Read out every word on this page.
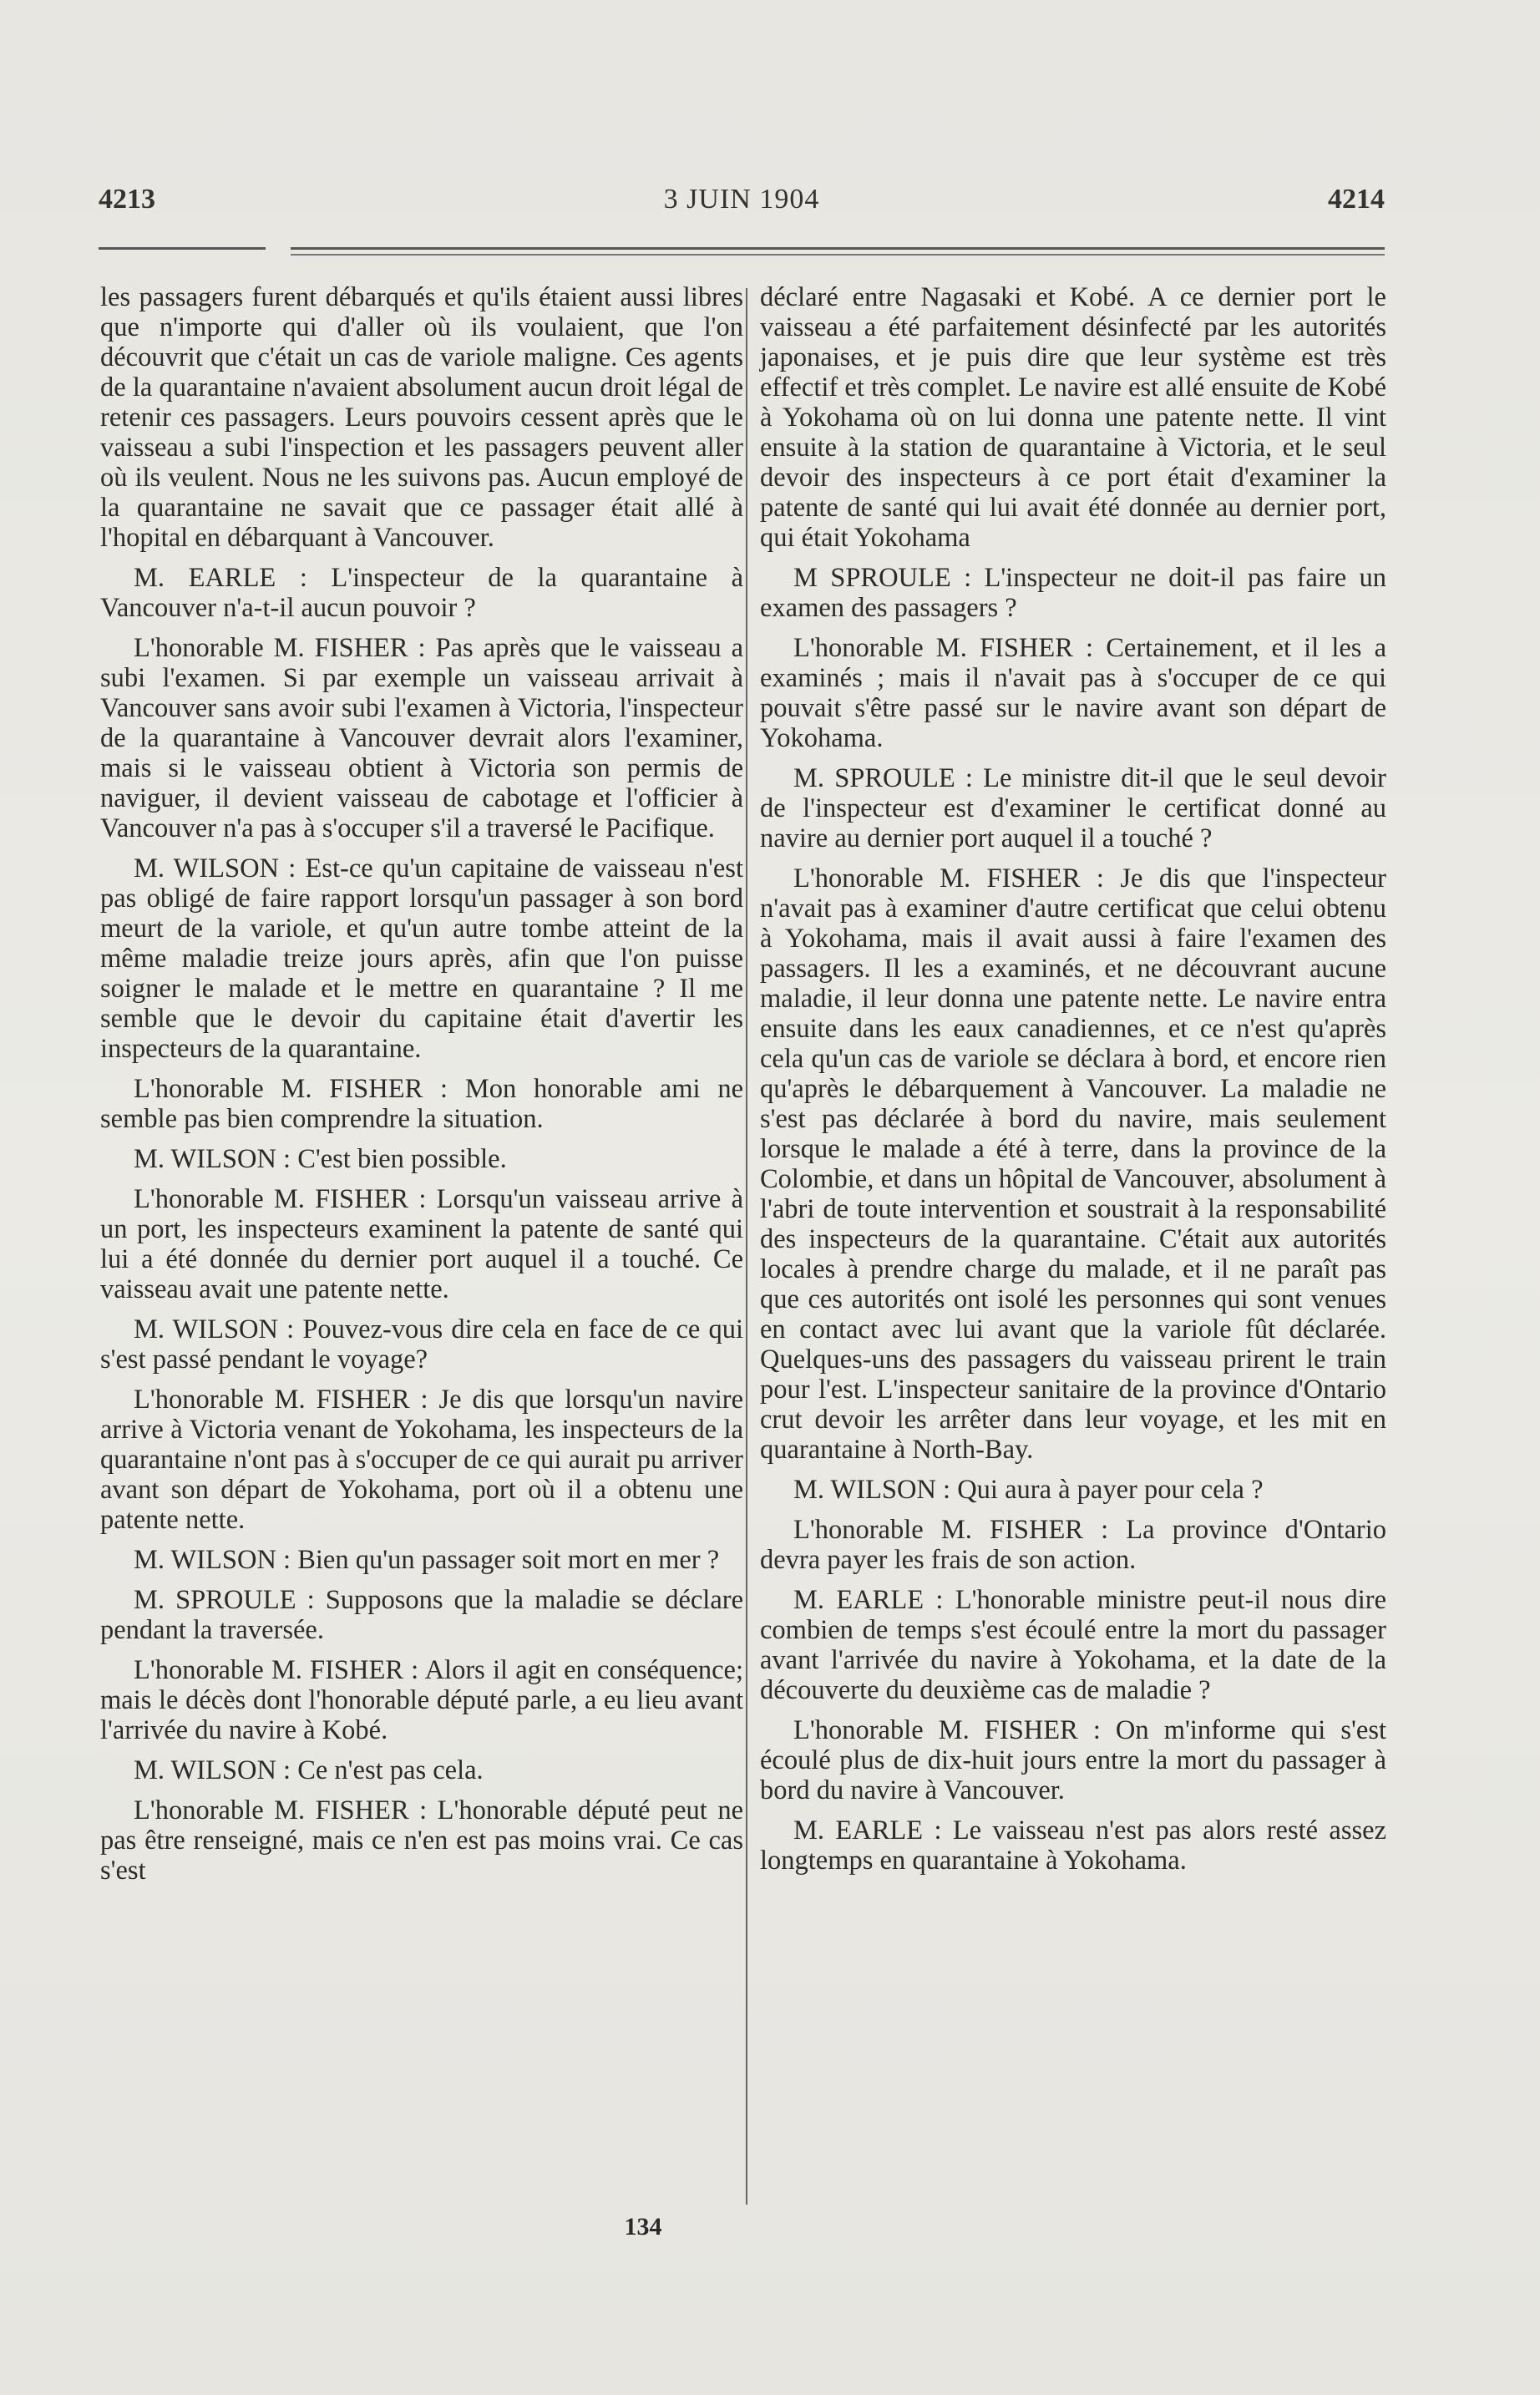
4213	3 JUIN 1904	4214

les passagers furent débarqués et qu'ils étaient aussi libres que n'importe qui d'aller où ils voulaient, que l'on découvrit que c'était un cas de variole maligne. Ces agents de la quarantaine n'avaient absolument aucun droit légal de retenir ces passagers. Leurs pouvoirs cessent après que le vaisseau a subi l'inspection et les passagers peuvent aller où ils veulent. Nous ne les suivons pas. Aucun employé de la quarantaine ne savait que ce passager était allé à l'hopital en débarquant à Vancouver.

M. EARLE : L'inspecteur de la quarantaine à Vancouver n'a-t-il aucun pouvoir ?

L'honorable M. FISHER : Pas après que le vaisseau a subi l'examen. Si par exemple un vaisseau arrivait à Vancouver sans avoir subi l'examen à Victoria, l'inspecteur de la quarantaine à Vancouver devrait alors l'examiner, mais si le vaisseau obtient à Victoria son permis de naviguer, il devient vaisseau de cabotage et l'officier à Vancouver n'a pas à s'occuper s'il a traversé le Pacifique.

M. WILSON : Est-ce qu'un capitaine de vaisseau n'est pas obligé de faire rapport lorsqu'un passager à son bord meurt de la variole, et qu'un autre tombe atteint de la même maladie treize jours après, afin que l'on puisse soigner le malade et le mettre en quarantaine ? Il me semble que le devoir du capitaine était d'avertir les inspecteurs de la quarantaine.

L'honorable M. FISHER : Mon honorable ami ne semble pas bien comprendre la situation.

M. WILSON : C'est bien possible.

L'honorable M. FISHER : Lorsqu'un vaisseau arrive à un port, les inspecteurs examinent la patente de santé qui lui a été donnée du dernier port auquel il a touché. Ce vaisseau avait une patente nette.

M. WILSON : Pouvez-vous dire cela en face de ce qui s'est passé pendant le voyage?

L'honorable M. FISHER : Je dis que lorsqu'un navire arrive à Victoria venant de Yokohama, les inspecteurs de la quarantaine n'ont pas à s'occuper de ce qui aurait pu arriver avant son départ de Yokohama, port où il a obtenu une patente nette.

M. WILSON : Bien qu'un passager soit mort en mer ?

M. SPROULE : Supposons que la maladie se déclare pendant la traversée.

L'honorable M. FISHER : Alors il agit en conséquence; mais le décès dont l'honorable député parle, a eu lieu avant l'arrivée du navire à Kobé.

M. WILSON : Ce n'est pas cela.

L'honorable M. FISHER : L'honorable député peut ne pas être renseigné, mais ce n'en est pas moins vrai. Ce cas s'est

déclaré entre Nagasaki et Kobé. A ce dernier port le vaisseau a été parfaitement désinfecté par les autorités japonaises, et je puis dire que leur système est très effectif et très complet. Le navire est allé ensuite de Kobé à Yokohama où on lui donna une patente nette. Il vint ensuite à la station de quarantaine à Victoria, et le seul devoir des inspecteurs à ce port était d'examiner la patente de santé qui lui avait été donnée au dernier port, qui était Yokohama

M SPROULE : L'inspecteur ne doit-il pas faire un examen des passagers ?

L'honorable M. FISHER : Certainement, et il les a examinés ; mais il n'avait pas à s'occuper de ce qui pouvait s'être passé sur le navire avant son départ de Yokohama.

M. SPROULE : Le ministre dit-il que le seul devoir de l'inspecteur est d'examiner le certificat donné au navire au dernier port auquel il a touché ?

L'honorable M. FISHER : Je dis que l'inspecteur n'avait pas à examiner d'autre certificat que celui obtenu à Yokohama, mais il avait aussi à faire l'examen des passagers. Il les a examinés, et ne découvrant aucune maladie, il leur donna une patente nette. Le navire entra ensuite dans les eaux canadiennes, et ce n'est qu'après cela qu'un cas de variole se déclara à bord, et encore rien qu'après le débarquement à Vancouver. La maladie ne s'est pas déclarée à bord du navire, mais seulement lorsque le malade a été à terre, dans la province de la Colombie, et dans un hôpital de Vancouver, absolument à l'abri de toute intervention et soustrait à la responsabilité des inspecteurs de la quarantaine. C'était aux autorités locales à prendre charge du malade, et il ne paraît pas que ces autorités ont isolé les personnes qui sont venues en contact avec lui avant que la variole fût déclarée. Quelques-uns des passagers du vaisseau prirent le train pour l'est. L'inspecteur sanitaire de la province d'Ontario crut devoir les arrêter dans leur voyage, et les mit en quarantaine à North-Bay.

M. WILSON : Qui aura à payer pour cela ?

L'honorable M. FISHER : La province d'Ontario devra payer les frais de son action.

M. EARLE : L'honorable ministre peut-il nous dire combien de temps s'est écoulé entre la mort du passager avant l'arrivée du navire à Yokohama, et la date de la découverte du deuxième cas de maladie ?

L'honorable M. FISHER : On m'informe qui s'est écoulé plus de dix-huit jours entre la mort du passager à bord du navire à Vancouver.

M. EARLE : Le vaisseau n'est pas alors resté assez longtemps en quarantaine à Yokohama.

134
